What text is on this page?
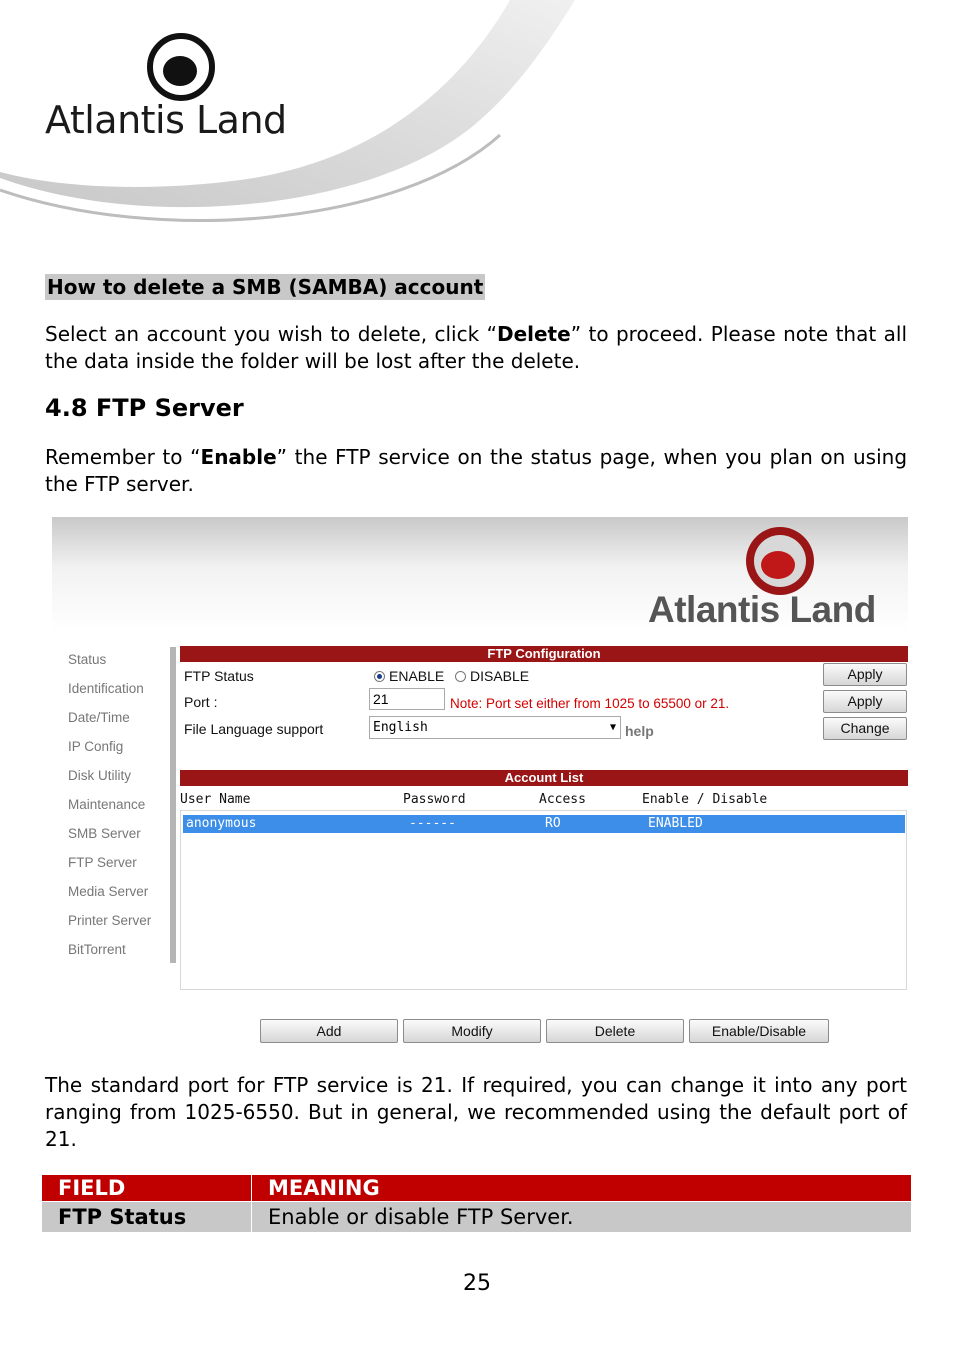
Atlantis Land
How to delete a SMB (SAMBA) account
Select an account you wish to delete, click “Delete” to proceed. Please note that all the data inside the folder will be lost after the delete.
4.8 FTP Server
Remember to “Enable” the FTP service on the status page, when you plan on using the FTP server.
Atlantis Land
Status
Identification
Date/Time
IP Config
Disk Utility
Maintenance
SMB Server
FTP Server
Media Server
Printer Server
BitTorrent
FTP Configuration
FTP Status	ENABLE	DISABLE	Apply
Port :	21	Note: Port set either from 1025 to 65500 or 21.	Apply
File Language support	English	▼ help	Change
Account List
User Name	Password	Access	Enable / Disable
anonymous	------	RO	ENABLED
Add	Modify	Delete	Enable/Disable
The standard port for FTP service is 21. If required, you can change it into any port ranging from 1025-6550. But in general, we recommended using the default port of 21.
FIELD	MEANING
FTP Status	Enable or disable FTP Server.
25
